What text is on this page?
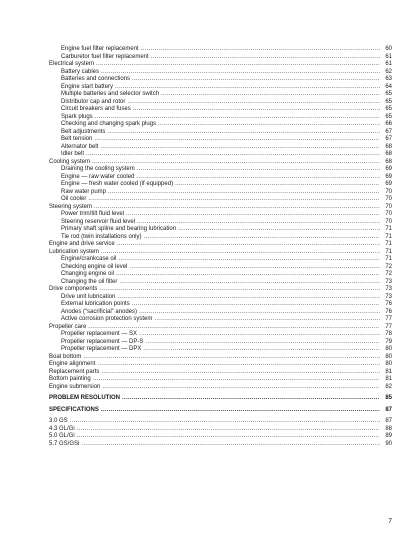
Engine fuel filter replacement .....	60
Carburetor fuel filter replacement .....	61
Electrical system .....	61
Battery cables .....	62
Batteries and connections .....	63
Engine start battery .....	64
Multiple batteries and selector switch .....	65
Distributor cap and rotor .....	65
Circuit breakers and fuses .....	65
Spark plugs .....	65
Checking and changing spark plugs .....	66
Belt adjustments .....	67
Belt tension .....	67
Alternator belt .....	68
Idler belt .....	68
Cooling system .....	68
Draining the cooling system .....	69
Engine — raw water cooled .....	69
Engine — fresh water cooled (if equipped) .....	69
Raw water pump .....	70
Oil cooler .....	70
Steering system .....	70
Power trim/tilt fluid level .....	70
Steering reservoir fluid level .....	70
Primary shaft spline and bearing lubrication .....	71
Tie rod (twin installations only) .....	71
Engine and drive service .....	71
Lubrication system .....	71
Engine/crankcase oil .....	71
Checking engine oil level .....	72
Changing engine oil .....	72
Changing the oil filter .....	73
Drive components .....	73
Drive unit lubrication .....	73
External lubrication points .....	76
Anodes (“sacrificial” anodes) .....	76
Active corrosion protection system .....	77
Propeller care .....	77
Propeller replacement — SX .....	78
Propeller replacement — DP-S .....	79
Propeller replacement — DPX .....	80
Boat bottom .....	80
Engine alignment .....	80
Replacement parts .....	81
Bottom painting .....	81
Engine submersion .....	82
PROBLEM RESOLUTION .....	85
SPECIFICATIONS .....	87
3.0 GS .....	87
4.3 GL/Gi .....	88
5.0 GL/Gi .....	89
5.7 GS/GSi .....	90
7
